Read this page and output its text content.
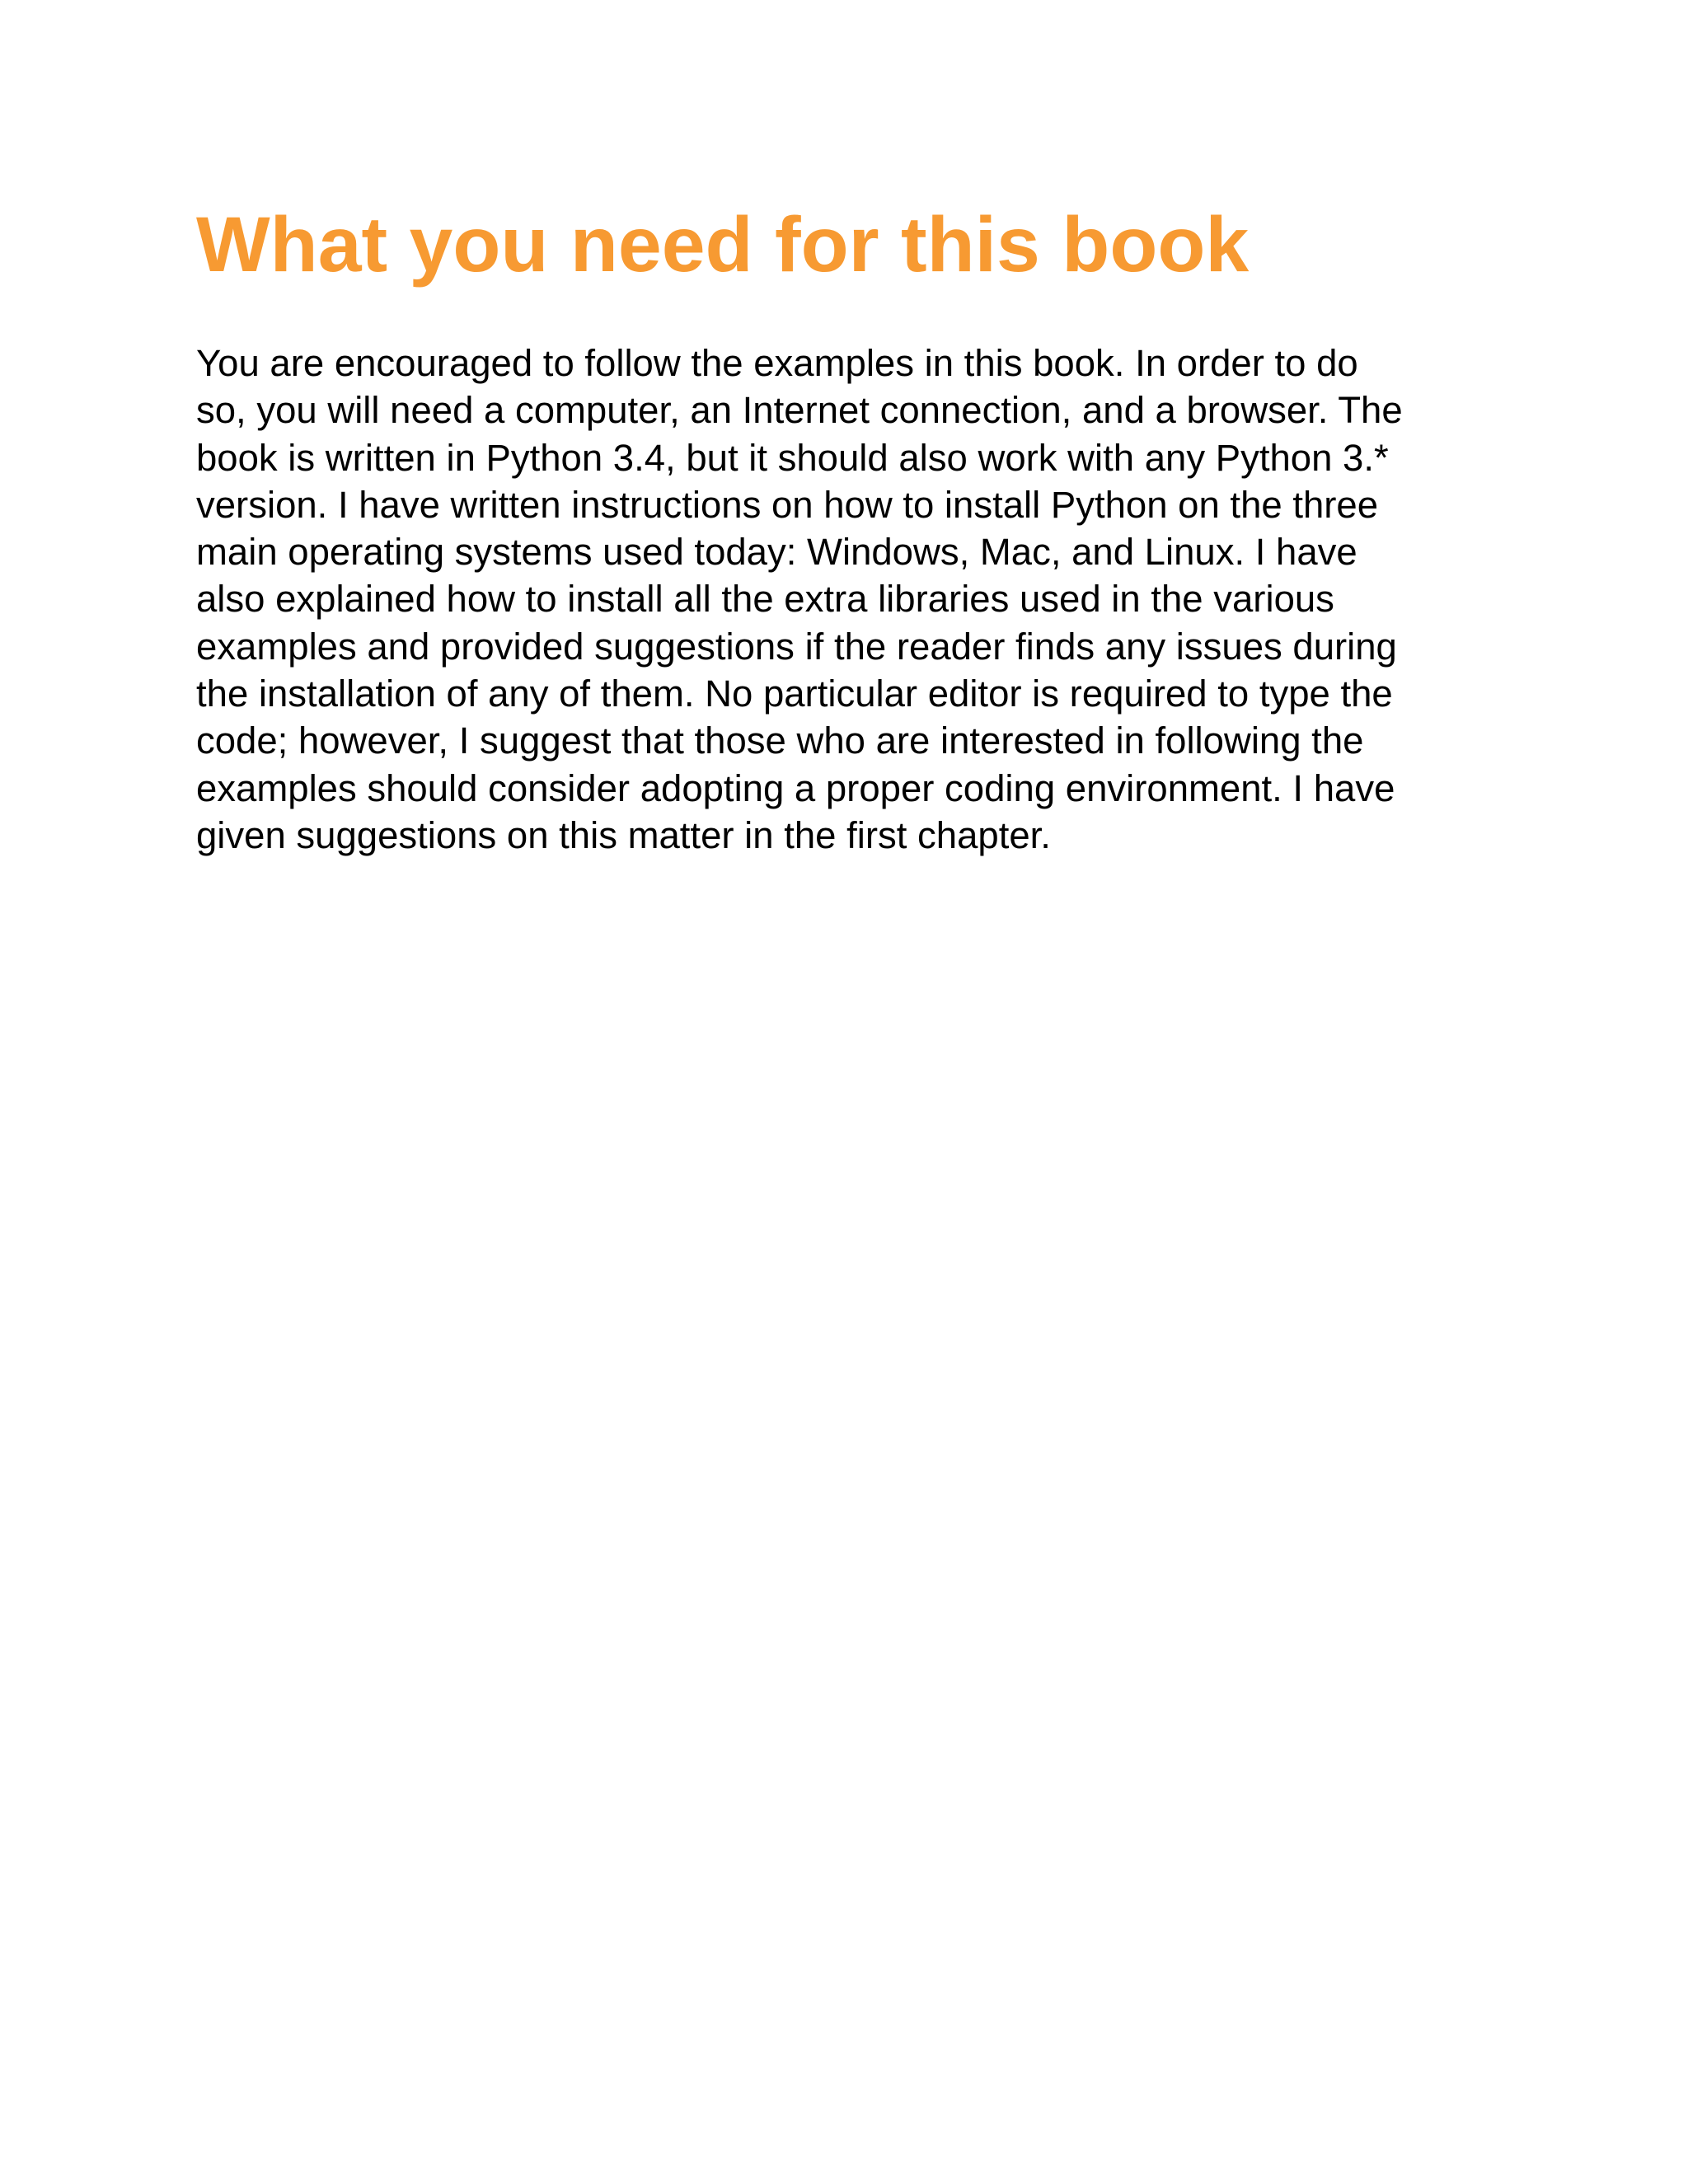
What you need for this book

You are encouraged to follow the examples in this book. In order to do
so, you will need a computer, an Internet connection, and a browser. The
book is written in Python 3.4, but it should also work with any Python 3.*
version. I have written instructions on how to install Python on the three
main operating systems used today: Windows, Mac, and Linux. I have
also explained how to install all the extra libraries used in the various
examples and provided suggestions if the reader finds any issues during
the installation of any of them. No particular editor is required to type the
code; however, I suggest that those who are interested in following the
examples should consider adopting a proper coding environment. I have
given suggestions on this matter in the first chapter.
